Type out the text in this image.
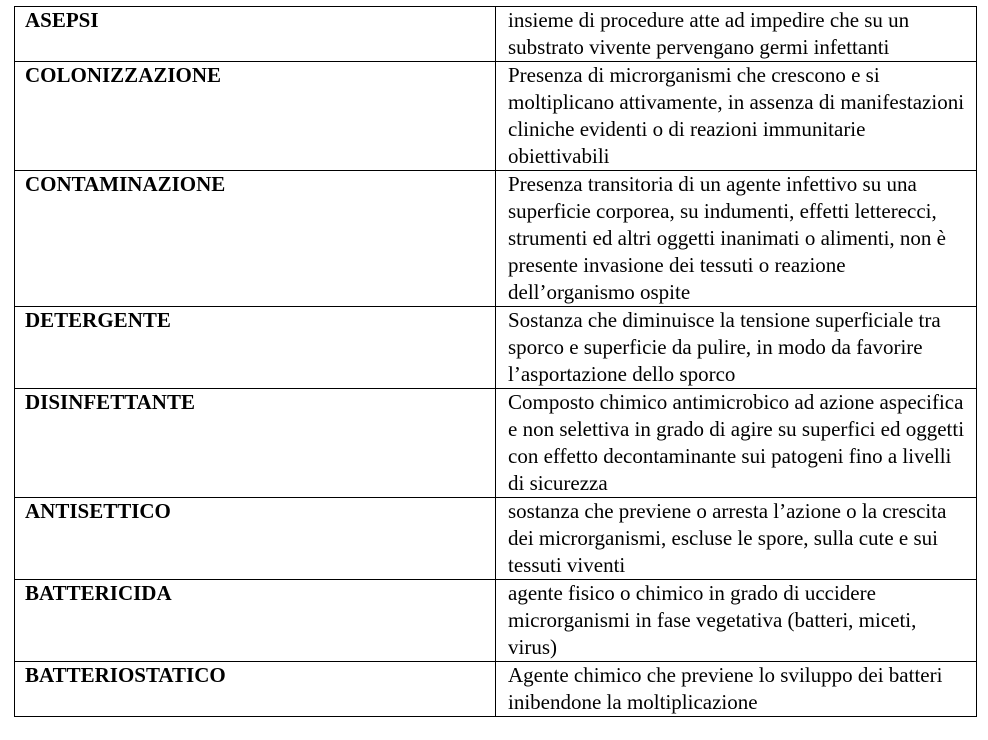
ASEPSI	insieme di procedure atte ad impedire che su un substrato vivente pervengano germi infettanti
COLONIZZAZIONE	Presenza di microrganismi che crescono e si moltiplicano attivamente, in assenza di manifestazioni cliniche evidenti o di reazioni immunitarie obiettivabili
CONTAMINAZIONE	Presenza transitoria di un agente infettivo su una superficie corporea, su indumenti, effetti letterecci, strumenti ed altri oggetti inanimati o alimenti, non è presente invasione dei tessuti o reazione dell’organismo ospite
DETERGENTE	Sostanza che diminuisce la tensione superficiale tra sporco e superficie da pulire, in modo da favorire l’asportazione dello sporco
DISINFETTANTE	Composto chimico antimicrobico ad azione aspecifica e non selettiva in grado di agire su superfici ed oggetti con effetto decontaminante sui patogeni fino a livelli di sicurezza
ANTISETTICO	sostanza che previene o arresta l’azione o la crescita dei microrganismi, escluse le spore, sulla cute e sui tessuti viventi
BATTERICIDA	agente fisico o chimico in grado di uccidere microrganismi in fase vegetativa (batteri, miceti, virus)
BATTERIOSTATICO	Agente chimico che previene lo sviluppo dei batteri inibendone la moltiplicazione
